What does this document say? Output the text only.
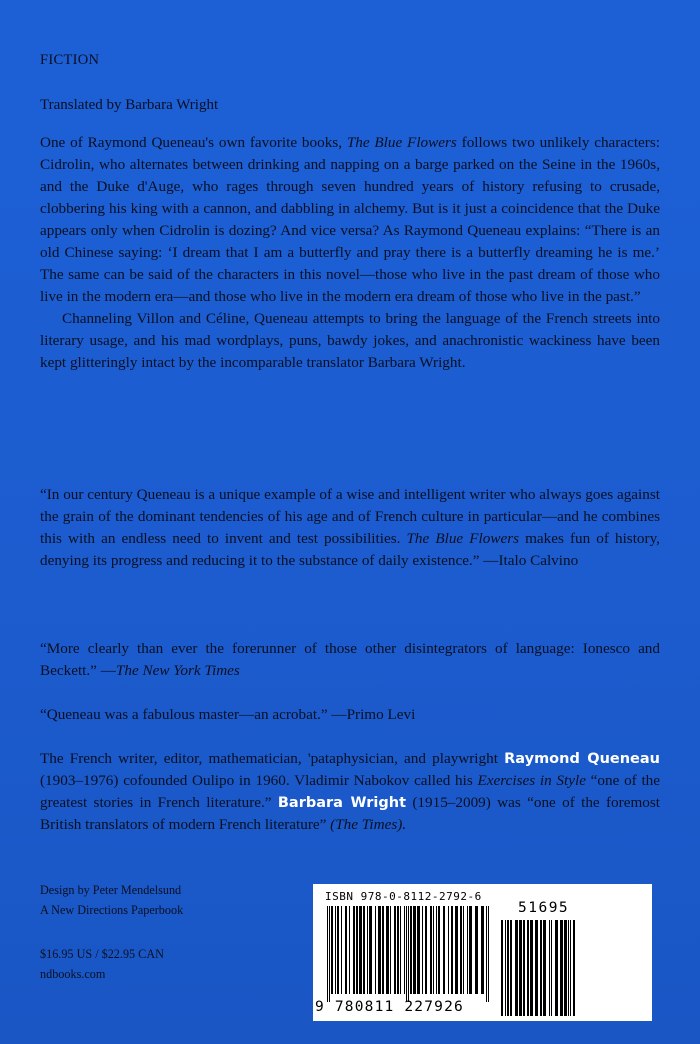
FICTION
Translated by Barbara Wright

One of Raymond Queneau's own favorite books, The Blue Flowers follows two unlikely characters: Cidrolin, who alternates between drinking and napping on a barge parked on the Seine in the 1960s, and the Duke d'Auge, who rages through seven hundred years of history refusing to crusade, clobbering his king with a cannon, and dabbling in alchemy. But is it just a coincidence that the Duke appears only when Cidrolin is dozing? And vice versa? As Raymond Queneau explains: “There is an old Chinese saying: ‘I dream that I am a butterfly and pray there is a butterfly dreaming he is me.’ The same can be said of the characters in this novel—those who live in the past dream of those who live in the modern era—and those who live in the modern era dream of those who live in the past.”

Channeling Villon and Céline, Queneau attempts to bring the language of the French streets into literary usage, and his mad wordplays, puns, bawdy jokes, and anachronistic wackiness have been kept glitteringly intact by the incomparable translator Barbara Wright.

“In our century Queneau is a unique example of a wise and intelligent writer who always goes against the grain of the dominant tendencies of his age and of French culture in particular—and he combines this with an endless need to invent and test possibilities. The Blue Flowers makes fun of history, denying its progress and reducing it to the substance of daily existence.” —Italo Calvino
“More clearly than ever the forerunner of those other disintegrators of language: Ionesco and Beckett.” —The New York Times
“Queneau was a fabulous master—an acrobat.” —Primo Levi
The French writer, editor, mathematician, 'pataphysician, and playwright Raymond Queneau (1903–1976) cofounded Oulipo in 1960. Vladimir Nabokov called his Exercises in Style “one of the greatest stories in French literature.” Barbara Wright (1915–2009) was “one of the foremost British translators of modern French literature” (The Times).
Design by Peter Mendelsund
A New Directions Paperbook
$16.95 US / $22.95 CAN
ndbooks.com
ISBN 978-0-8112-2792-6
9 780811 227926
51695
